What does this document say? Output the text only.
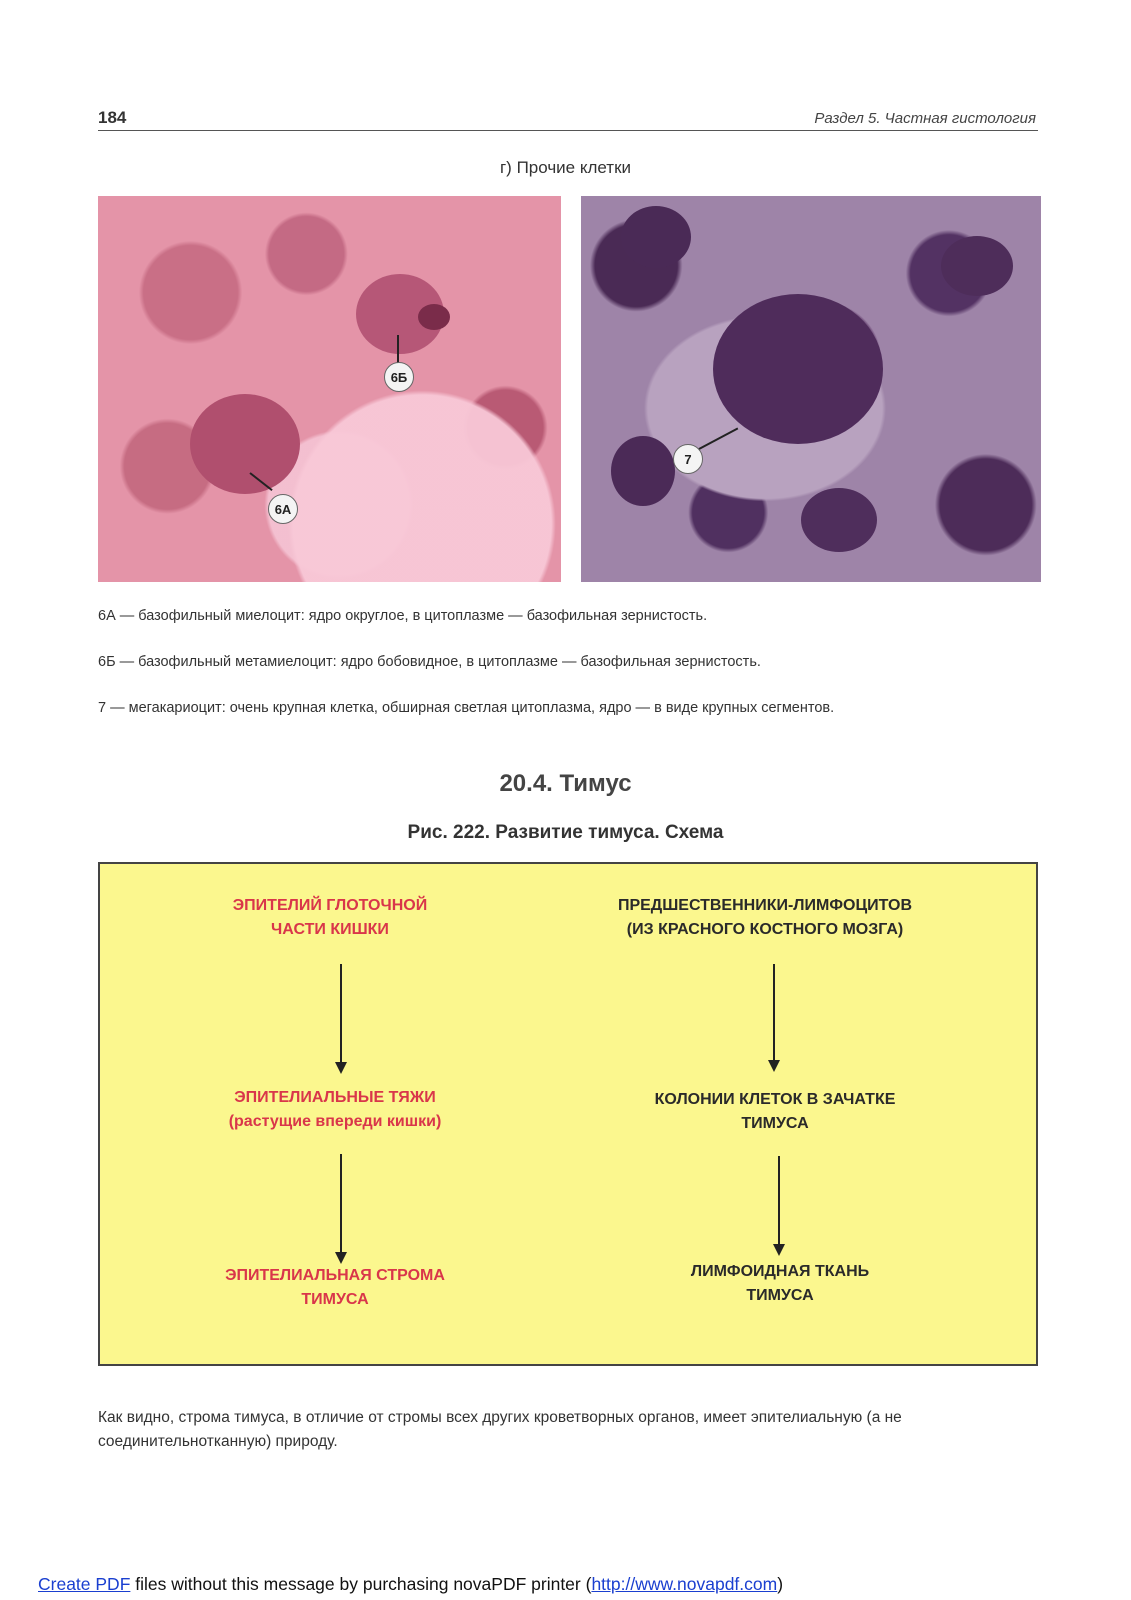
184	Раздел 5. Частная гистология
г) Прочие клетки
6Б
6А
7
6А — базофильный миелоцит: ядро округлое, в цитоплазме — базофильная зернистость.
6Б — базофильный метамиелоцит: ядро бобовидное, в цитоплазме — базофильная зернистость.
7 — мегакариоцит: очень крупная клетка, обширная светлая цитоплазма, ядро — в виде крупных сегментов.
20.4. Тимус
Рис. 222. Развитие тимуса. Схема
ЭПИТЕЛИЙ ГЛОТОЧНОЙ
ЧАСТИ КИШКИ
ЭПИТЕЛИАЛЬНЫЕ ТЯЖИ
(растущие впереди кишки)
ЭПИТЕЛИАЛЬНАЯ СТРОМА
ТИМУСА
ПРЕДШЕСТВЕННИКИ-ЛИМФОЦИТОВ
(ИЗ КРАСНОГО КОСТНОГО МОЗГА)
КОЛОНИИ КЛЕТОК В ЗАЧАТКЕ
ТИМУСА
ЛИМФОИДНАЯ ТКАНЬ
ТИМУСА
Как видно, строма тимуса, в отличие от стромы всех других кроветворных органов, имеет эпителиальную (а не соединительнотканную) природу.
Create PDF files without this message by purchasing novaPDF printer (http://www.novapdf.com)
